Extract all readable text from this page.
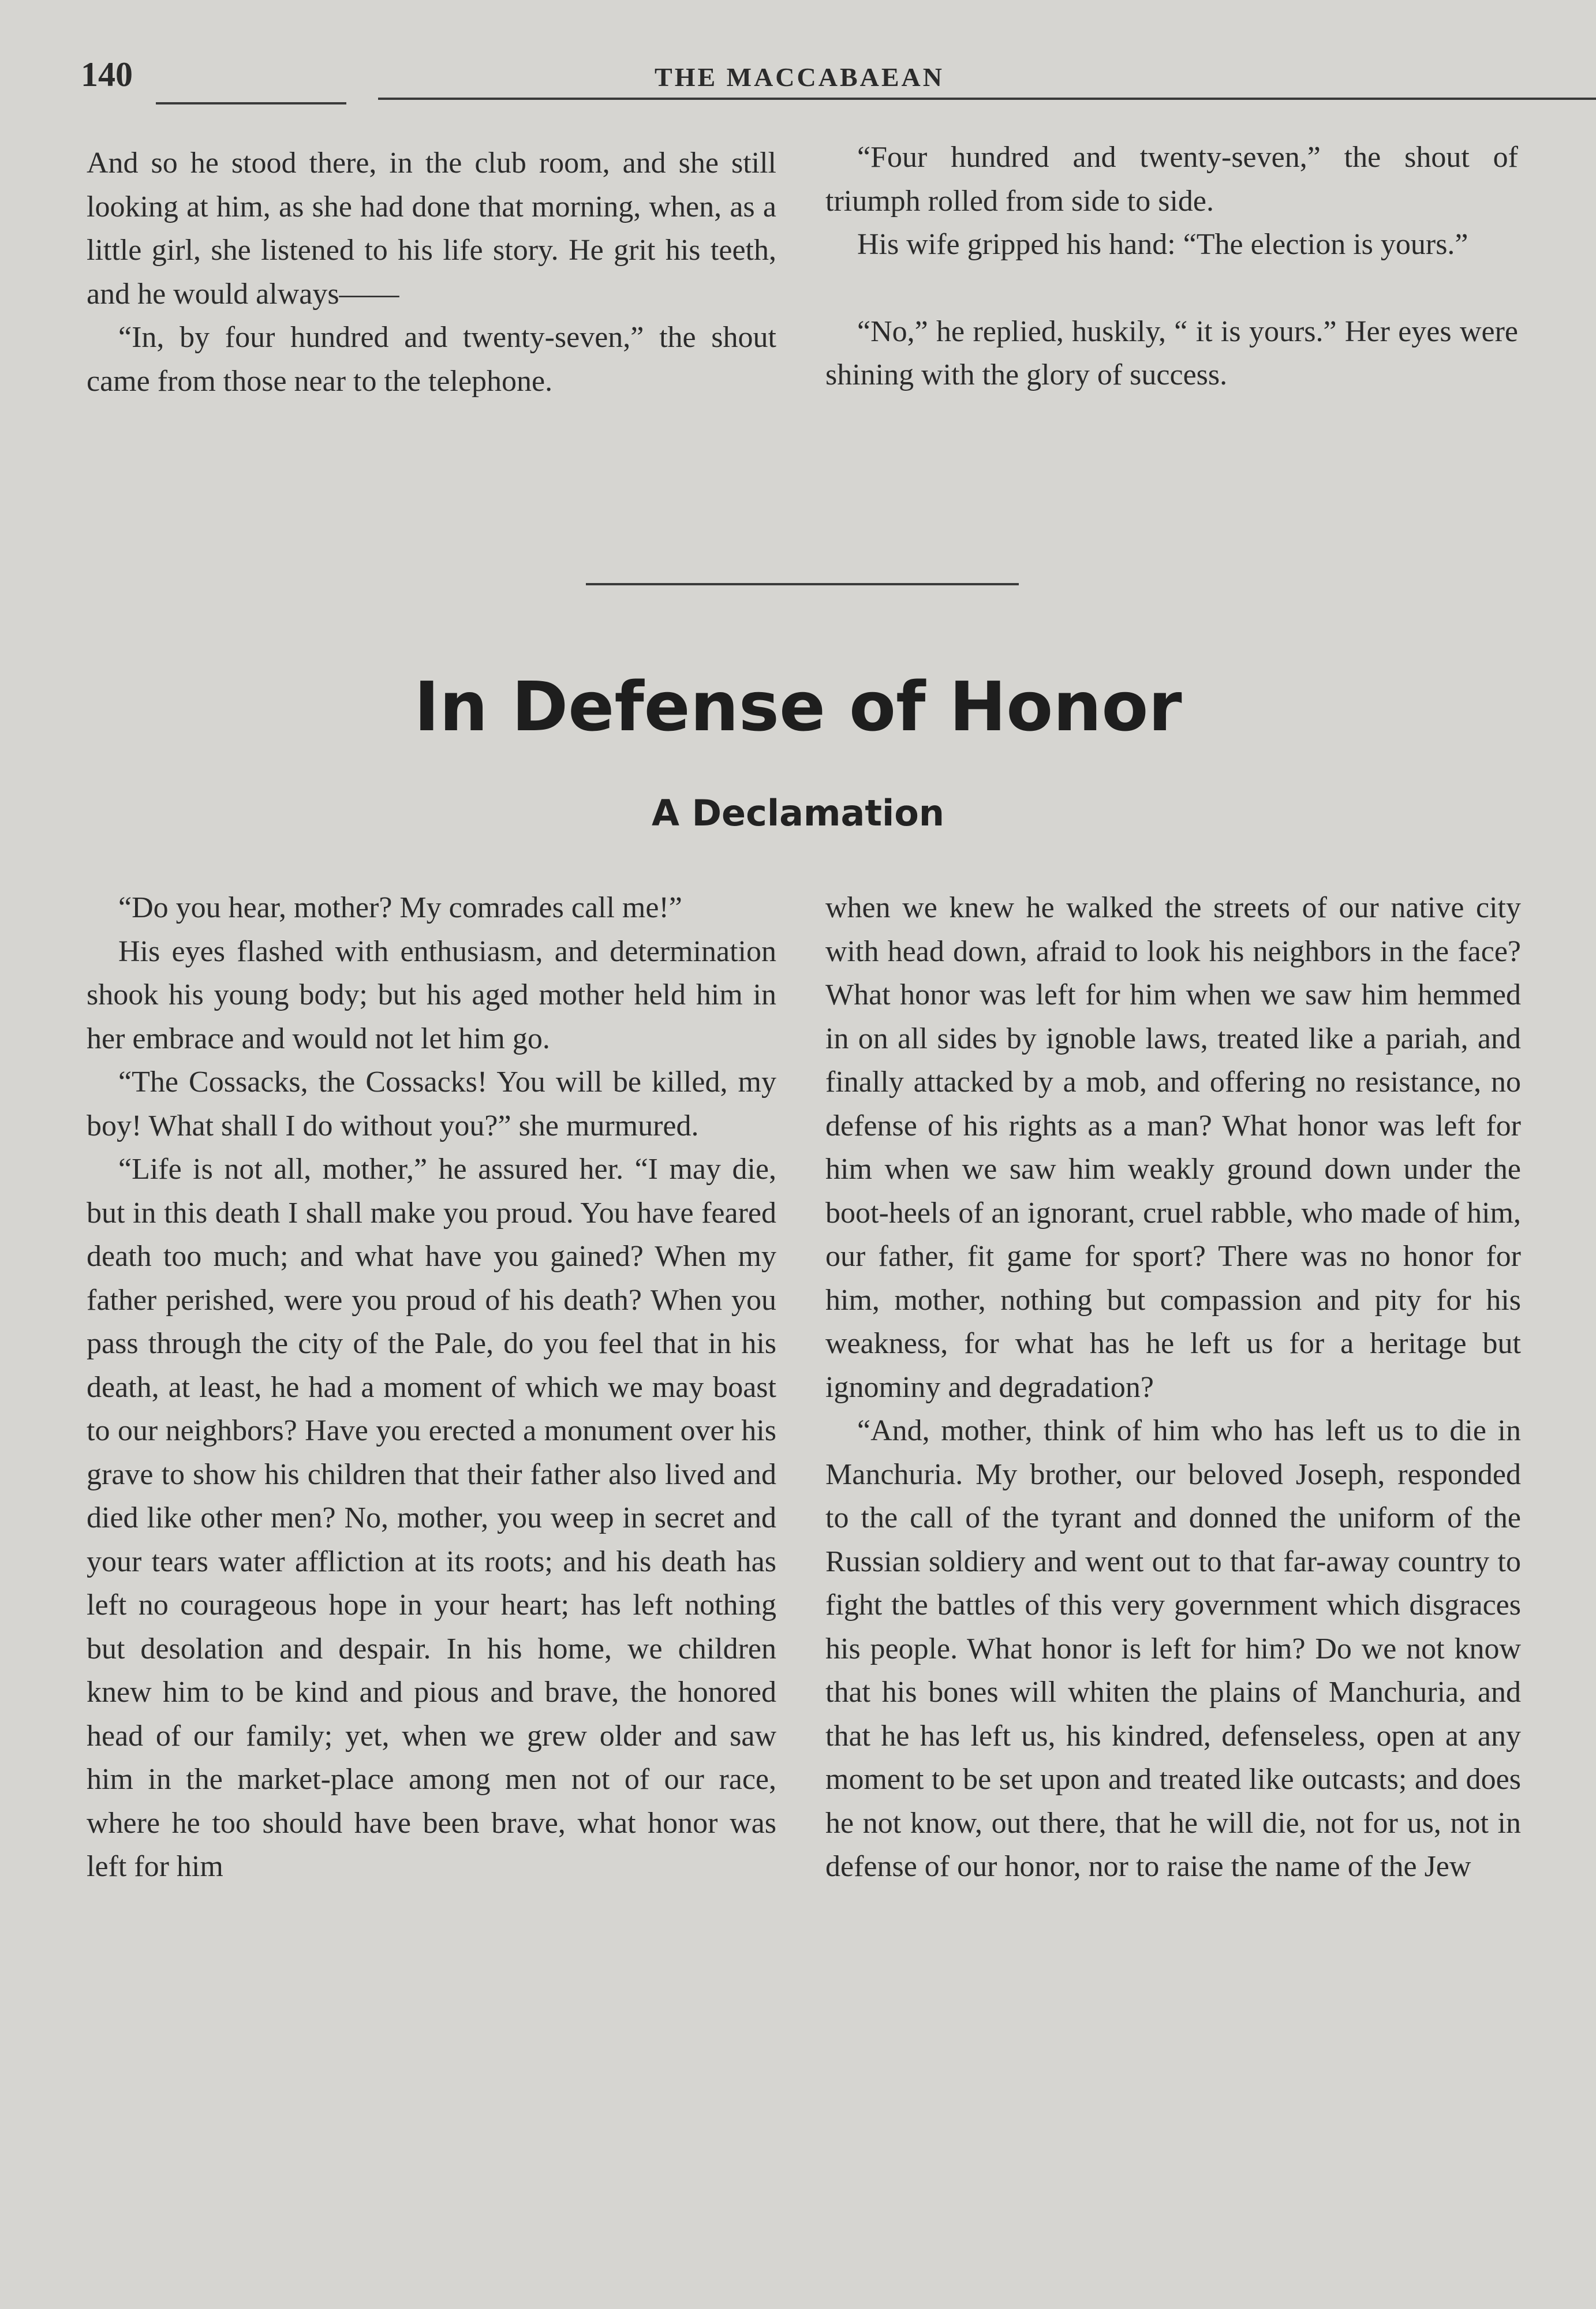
140	THE MACCABAEAN

And so he stood there, in the club room, and she still looking at him, as she had done that morning, when, as a little girl, she listened to his life story. He grit his teeth, and he would always——

“In, by four hundred and twenty-seven,” the shout came from those near to the telephone.

“Four hundred and twenty-seven,” the shout of triumph rolled from side to side.

His wife gripped his hand: “The election is yours.”

“No,” he replied, huskily, “ it is yours.” Her eyes were shining with the glory of success.

In Defense of Honor
A Declamation

“Do you hear, mother? My comrades call me!”

His eyes flashed with enthusiasm, and determination shook his young body; but his aged mother held him in her embrace and would not let him go.

“The Cossacks, the Cossacks! You will be killed, my boy! What shall I do without you?” she murmured.

“Life is not all, mother,” he assured her. “I may die, but in this death I shall make you proud. You have feared death too much; and what have you gained? When my father perished, were you proud of his death? When you pass through the city of the Pale, do you feel that in his death, at least, he had a moment of which we may boast to our neighbors? Have you erected a monument over his grave to show his children that their father also lived and died like other men? No, mother, you weep in secret and your tears water affliction at its roots; and his death has left no courageous hope in your heart; has left nothing but desolation and despair. In his home, we children knew him to be kind and pious and brave, the honored head of our family; yet, when we grew older and saw him in the market-place among men not of our race, where he too should have been brave, what honor was left for him

when we knew he walked the streets of our native city with head down, afraid to look his neighbors in the face? What honor was left for him when we saw him hemmed in on all sides by ignoble laws, treated like a pariah, and finally attacked by a mob, and offering no resistance, no defense of his rights as a man? What honor was left for him when we saw him weakly ground down under the boot-heels of an ignorant, cruel rabble, who made of him, our father, fit game for sport? There was no honor for him, mother, nothing but compassion and pity for his weakness, for what has he left us for a heritage but ignominy and degradation?

“And, mother, think of him who has left us to die in Manchuria. My brother, our beloved Joseph, responded to the call of the tyrant and donned the uniform of the Russian soldiery and went out to that far-away country to fight the battles of this very government which disgraces his people. What honor is left for him? Do we not know that his bones will whiten the plains of Manchuria, and that he has left us, his kindred, defenseless, open at any moment to be set upon and treated like outcasts; and does he not know, out there, that he will die, not for us, not in defense of our honor, nor to raise the name of the Jew
